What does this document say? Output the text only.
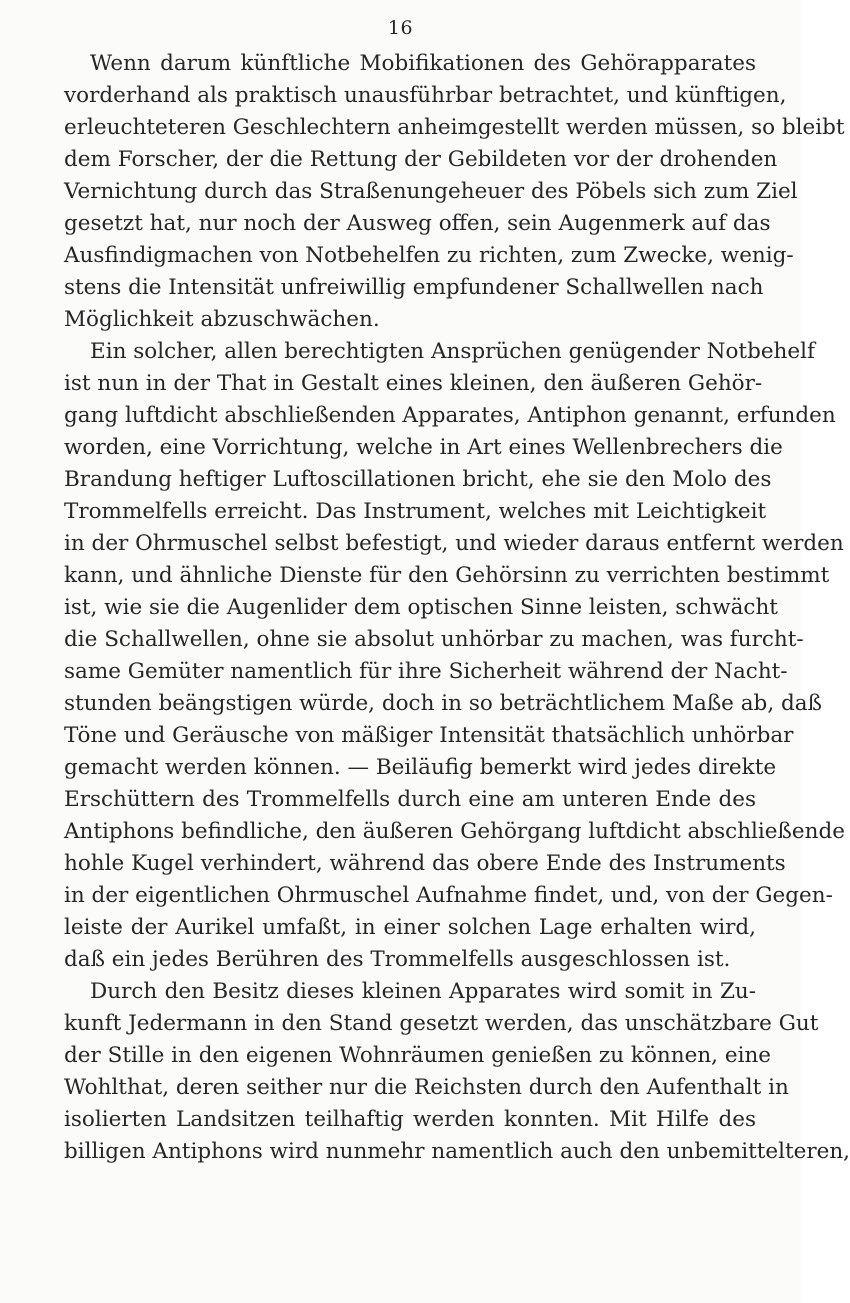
16
Wenn darum künftliche Mobifikationen des Gehörapparates
vorderhand als praktisch unausführbar betrachtet, und künftigen,
erleuchteteren Geschlechtern anheimgestellt werden müssen, so bleibt
dem Forscher, der die Rettung der Gebildeten vor der drohenden
Vernichtung durch das Straßenungeheuer des Pöbels sich zum Ziel
gesetzt hat, nur noch der Ausweg offen, sein Augenmerk auf das
Ausfindigmachen von Notbehelfen zu richten, zum Zwecke, wenig-
stens die Intensität unfreiwillig empfundener Schallwellen nach
Möglichkeit abzuschwächen.
Ein solcher, allen berechtigten Ansprüchen genügender Notbehelf
ist nun in der That in Gestalt eines kleinen, den äußeren Gehör-
gang luftdicht abschließenden Apparates, Antiphon genannt, erfunden
worden, eine Vorrichtung, welche in Art eines Wellenbrechers die
Brandung heftiger Luftoscillationen bricht, ehe sie den Molo des
Trommelfells erreicht. Das Instrument, welches mit Leichtigkeit
in der Ohrmuschel selbst befestigt, und wieder daraus entfernt werden
kann, und ähnliche Dienste für den Gehörsinn zu verrichten bestimmt
ist, wie sie die Augenlider dem optischen Sinne leisten, schwächt
die Schallwellen, ohne sie absolut unhörbar zu machen, was furcht-
same Gemüter namentlich für ihre Sicherheit während der Nacht-
stunden beängstigen würde, doch in so beträchtlichem Maße ab, daß
Töne und Geräusche von mäßiger Intensität thatsächlich unhörbar
gemacht werden können. — Beiläufig bemerkt wird jedes direkte
Erschüttern des Trommelfells durch eine am unteren Ende des
Antiphons befindliche, den äußeren Gehörgang luftdicht abschließende
hohle Kugel verhindert, während das obere Ende des Instruments
in der eigentlichen Ohrmuschel Aufnahme findet, und, von der Gegen-
leiste der Aurikel umfaßt, in einer solchen Lage erhalten wird,
daß ein jedes Berühren des Trommelfells ausgeschlossen ist.
Durch den Besitz dieses kleinen Apparates wird somit in Zu-
kunft Jedermann in den Stand gesetzt werden, das unschätzbare Gut
der Stille in den eigenen Wohnräumen genießen zu können, eine
Wohlthat, deren seither nur die Reichsten durch den Aufenthalt in
isolierten Landsitzen teilhaftig werden konnten. Mit Hilfe des
billigen Antiphons wird nunmehr namentlich auch den unbemittelteren,
